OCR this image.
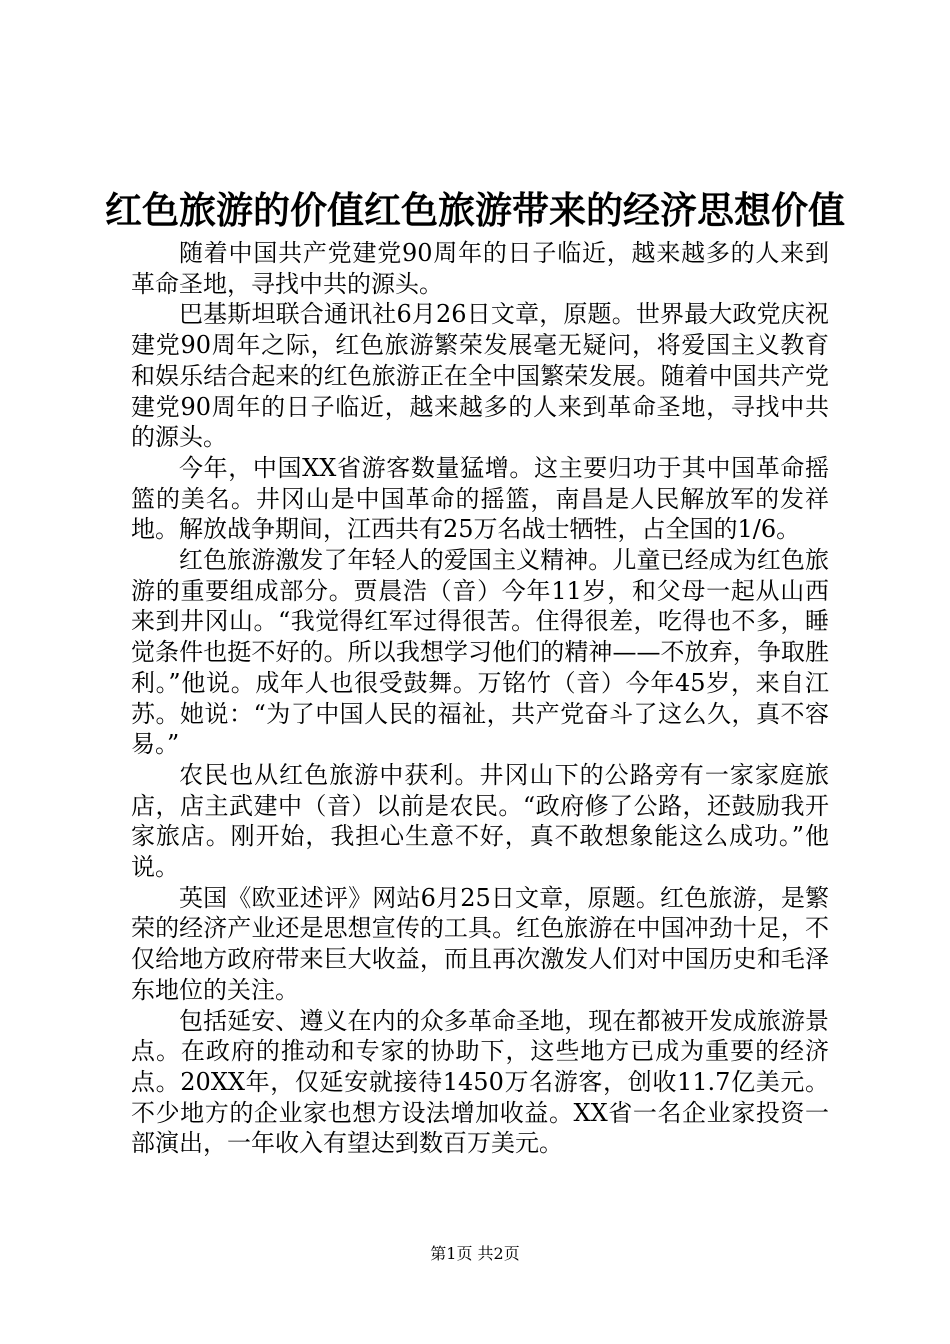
红色旅游的价值红色旅游带来的经济思想价值

随着中国共产党建党90周年的日子临近，越来越多的人来到革命圣地，寻找中共的源头。

巴基斯坦联合通讯社6月26日文章，原题。世界最大政党庆祝建党90周年之际，红色旅游繁荣发展毫无疑问，将爱国主义教育和娱乐结合起来的红色旅游正在全中国繁荣发展。随着中国共产党建党90周年的日子临近，越来越多的人来到革命圣地，寻找中共的源头。

今年，中国XX省游客数量猛增。这主要归功于其中国革命摇篮的美名。井冈山是中国革命的摇篮，南昌是人民解放军的发祥地。解放战争期间，江西共有25万名战士牺牲，占全国的1/6。

红色旅游激发了年轻人的爱国主义精神。儿童已经成为红色旅游的重要组成部分。贾晨浩（音）今年11岁，和父母一起从山西来到井冈山。“我觉得红军过得很苦。住得很差，吃得也不多，睡觉条件也挺不好的。所以我想学习他们的精神——不放弃，争取胜利。”他说。成年人也很受鼓舞。万铭竹（音）今年45岁，来自江苏。她说：“为了中国人民的福祉，共产党奋斗了这么久，真不容易。”

农民也从红色旅游中获利。井冈山下的公路旁有一家家庭旅店，店主武建中（音）以前是农民。“政府修了公路，还鼓励我开家旅店。刚开始，我担心生意不好，真不敢想象能这么成功。”他说。

英国《欧亚述评》网站6月25日文章，原题。红色旅游，是繁荣的经济产业还是思想宣传的工具。红色旅游在中国冲劲十足，不仅给地方政府带来巨大收益，而且再次激发人们对中国历史和毛泽东地位的关注。

包括延安、遵义在内的众多革命圣地，现在都被开发成旅游景点。在政府的推动和专家的协助下，这些地方已成为重要的经济点。20XX年，仅延安就接待1450万名游客，创收11.7亿美元。不少地方的企业家也想方设法增加收益。XX省一名企业家投资一部演出，一年收入有望达到数百万美元。

第1页 共2页
